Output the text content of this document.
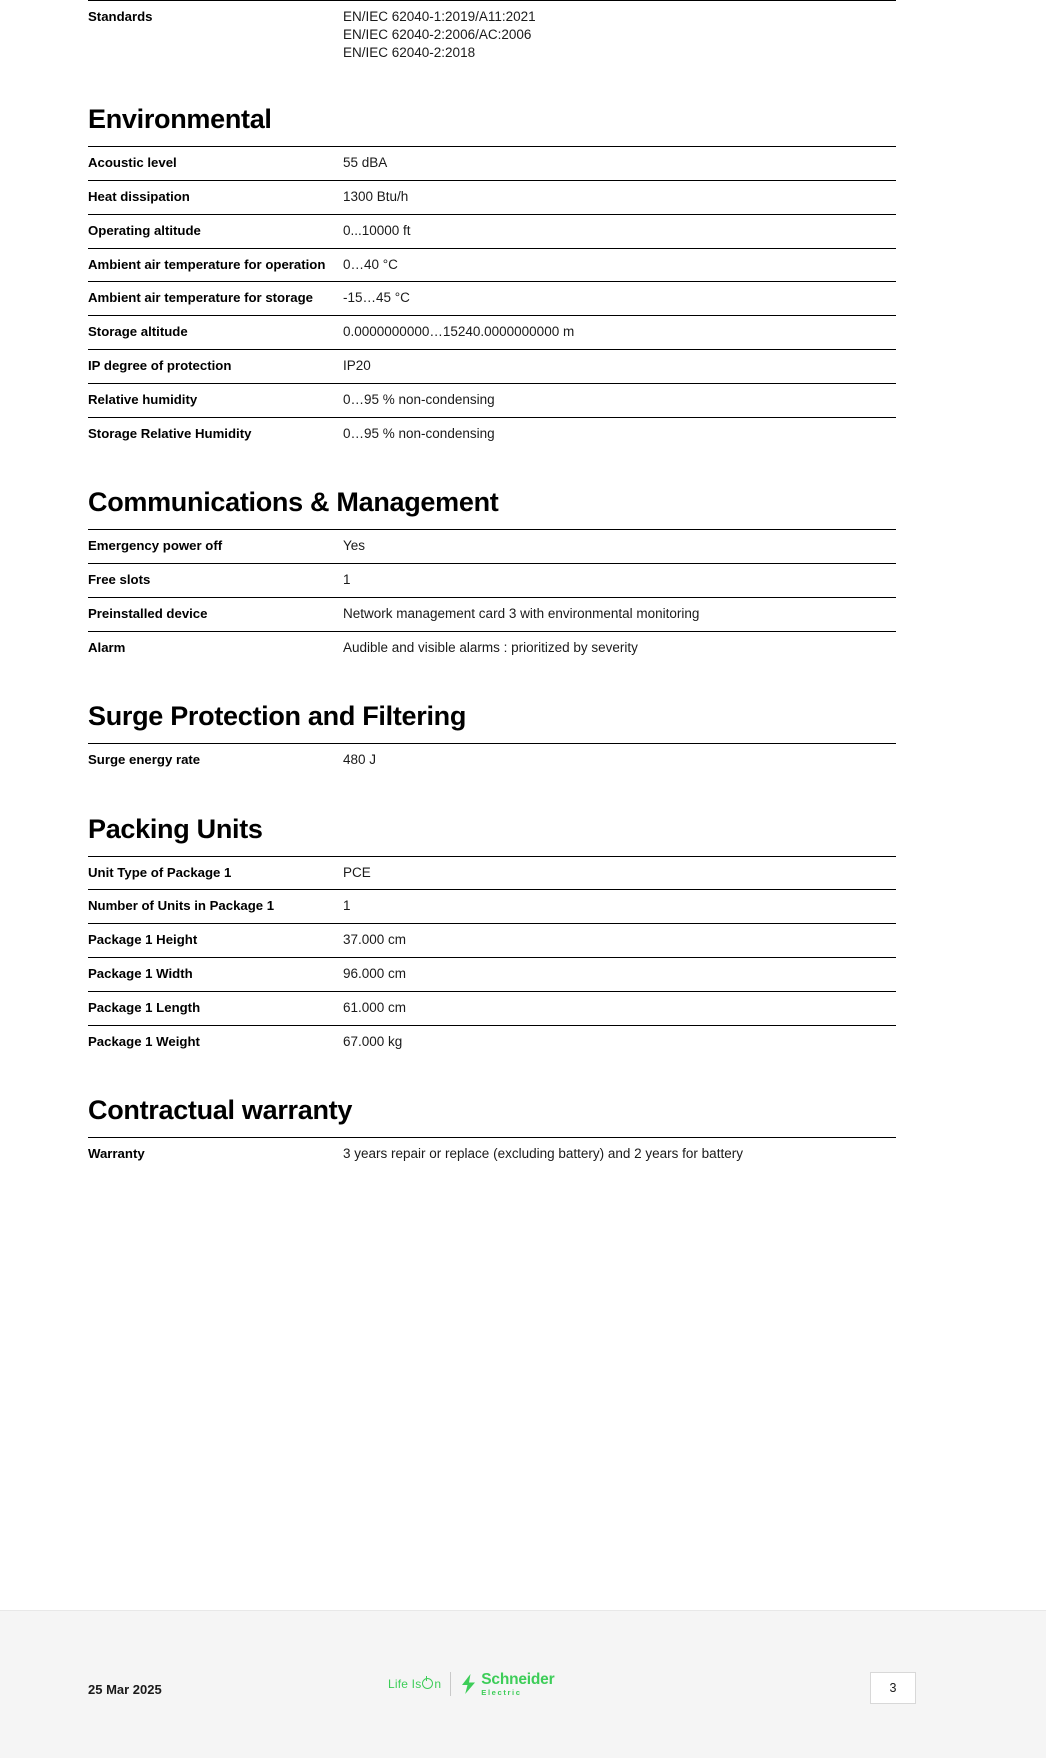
Standards	EN/IEC 62040-1:2019/A11:2021
EN/IEC 62040-2:2006/AC:2006
EN/IEC 62040-2:2018
Environmental
Acoustic level	55 dBA
Heat dissipation	1300 Btu/h
Operating altitude	0...10000 ft
Ambient air temperature for operation	0…40 °C
Ambient air temperature for storage	-15…45 °C
Storage altitude	0.0000000000…15240.0000000000 m
IP degree of protection	IP20
Relative humidity	0…95 % non-condensing
Storage Relative Humidity	0…95 % non-condensing
Communications & Management
Emergency power off	Yes
Free slots	1
Preinstalled device	Network management card 3 with environmental monitoring
Alarm	Audible and visible alarms : prioritized by severity
Surge Protection and Filtering
Surge energy rate	480 J
Packing Units
Unit Type of Package 1	PCE
Number of Units in Package 1	1
Package 1 Height	37.000 cm
Package 1 Width	96.000 cm
Package 1 Length	61.000 cm
Package 1 Weight	67.000 kg
Contractual warranty
Warranty	3 years repair or replace (excluding battery) and 2 years for battery
25 Mar 2025	Life Is n	Schneider
Electric	3
